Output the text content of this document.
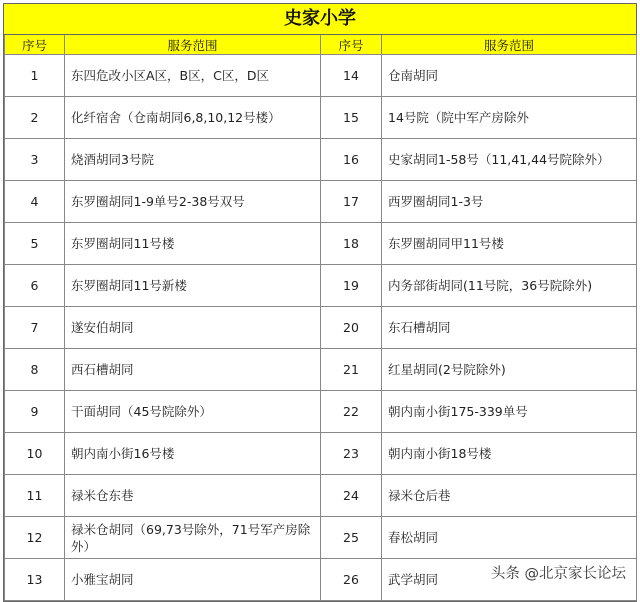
史家小学
序号	服务范围	序号	服务范围
1	东四危改小区A区，B区，C区，D区	14	仓南胡同
2	化纤宿舍（仓南胡同6,8,10,12号楼）	15	14号院（院中军产房除外
3	烧酒胡同3号院	16	史家胡同1-58号（11,41,44号院除外）
4	东罗圈胡同1-9单号2-38号双号	17	西罗圈胡同1-3号
5	东罗圈胡同11号楼	18	东罗圈胡同甲11号楼
6	东罗圈胡同11号新楼	19	内务部街胡同(11号院，36号院除外)
7	遂安伯胡同	20	东石槽胡同
8	西石槽胡同	21	红星胡同(2号院除外)
9	干面胡同（45号院除外）	22	朝内南小街175-339单号
10	朝内南小街16号楼	23	朝内南小街18号楼
11	禄米仓东巷	24	禄米仓后巷
12	禄米仓胡同（69,73号除外，71号军产房除外）	25	春松胡同
13	小雅宝胡同	26	武学胡同	头条 @北京家长论坛
